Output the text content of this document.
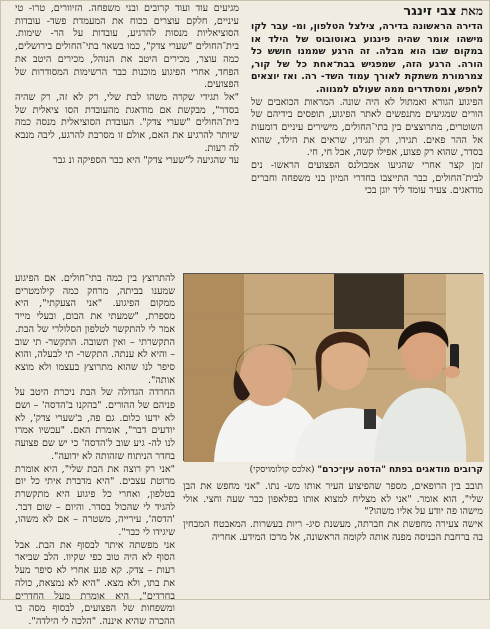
מאת צבי זינגר

הדירה הראשונה בדירה, צילצל הטלפון, ומ- עבר לקו מישהו אומר שהיה פינגוע באוטובוס של הילד או במקום שבו הוא מבלה. זה הרגע שממנו חושש כל הורה. הרגע הזה, שמפגיש בבת־אחת כל של קור, צמרמורת משתקת לאורך עמוד השד- רה. ואז יוצאים לחפש, ומסתדרים ממה שעולם למגווה.

הפיגוע הגורא ואמתול לא היה שונה. המראות הכואבים של הורים שמגיעים מתנפשים לאתר הפיגוע, תופסים בידיהם של השוטרים, מתרוצצים בין בתי־החולים, מישירים עיניים דומעות אל ההר פאים. תגידו, רק תגידו, שראים את הילד, שהוא בסדר, שהוא רק פצוע, אפילו קשה, אבל חי, חי.
זמן קצר אחרי שהגיעו אמבולנס הפצועים הראשו- נים לבית־החולים, כבר התייצבו בחדרי המיון בני משפחה וחברים מודאגים. צעיר עומד ליד יוגן בכי

מגיעים עוד ועוד קרובים ובני משפחה. הזיוורים, טרו- טי עיניים, חלקם עוצרים בכוח את המעמדת פשד- עובדות הסוציאליות מנסות להרגיע, עובדות על הר- שימות. בית־החולים "שערי צדק", כמו בשאר בתי־החולים בירושלים, כמה עוצר, מכירים היטב את הנוהל, מכירים היטב את הפחד, אחרי הפיגוע מוכנות כבר הרשימות המסודרות של הפצועים.
"אל תגידי שקרה משהו לבת שלי, רק לא זה, רק שהיה בסדר", מבקשת אם מודאגת מהעובדת הסו ציאלית של בית־החולים "שערי צדק". העובדת הסוציאלית מנסה כמה שיותר להרגיע את האם, אולם זו מסרבת להרגע, ליבה מנבא לה רעות.
עד שהגיעה ל"שערי צדק" היא כבר הספיקה ונ גבר

להתרוצץ בין כמה בתי־חולים. אם הפיגוע שמענו בביתה, מרחק כמה קילומטרים ממקום הפיגוע. "אני הצעקתי", היא מספרת, "שמעתי את הבום, ובעלי מייד אמר לי להתקשר לטלפון הסלולרי של הבת. התקשרתי – ואין תשובה. התקשר- תי שוב – והיא לא ענתה. התקשר- תי לבעלה, והוא סיפר לנו שהוא מתרוצץ בעצמו ולא מוצא אותה".
החרדה הגדולה של הבת ניכרת היטב על פניהם של ההורים. "בהקנו ב'הדסה' – ושם לא ידעו כלום. גם פה, ב'שערי צדק', לא יודעים דבר", אומרת האם. "עכשיו אמרו לנו לה- גיע שוב ל'הדסה' כי יש שם פצועה בחדר הניתוח שזהותה לא ידועה".
"אני רק רוצה את הבת שלי", היא אומרת מרוטת עצבים. "היא מדברת איתי כל יום בטלפון, ואחרי כל פיגוע היא מתקשרת להגיד לי שהכול בסדר. והיום – שום דבר. 'הדסה', עירייה, משטרה – אם לא משהו, שיגידו לי כבר".
אני מפשתה איתר לבסוף את הבת. אבל הסוף לא היה טוב כפי שקיוו. הלב שביאר רעות – צדק. קא פגע אחרי לא סיפר מעל את בתו, ולא מצא. "היא לא נמצאת, כולה בחרדים", היא אומרת מעל החדרים ומשפחות של הפצועים, לבסוף מסה בו ההכרה שהיא איננה. "הלכה לי הילדה".

קרובים מודאגים בפתח "הדסה עין־כרם" (אלכס קולומויסקי)

תובב בין הרופאים, מספר שהפיצוע העיר אותו מש- נתו. "אני מחפש את הבן שלי", הוא אומר. "אני לא מצליח למצוא אותו בפלאפון כבר שעה וחצי. אולי מישהו פה יודע על אליו משהו?"
אישה צעירה מחפשת את חברתה, מעשנת סיג- ריות בעשרות. המאבטח המבחין בה ברחבת הכניסה מפנה אותה לקומה הראשונה, אל מרכז המידע. אחריה
